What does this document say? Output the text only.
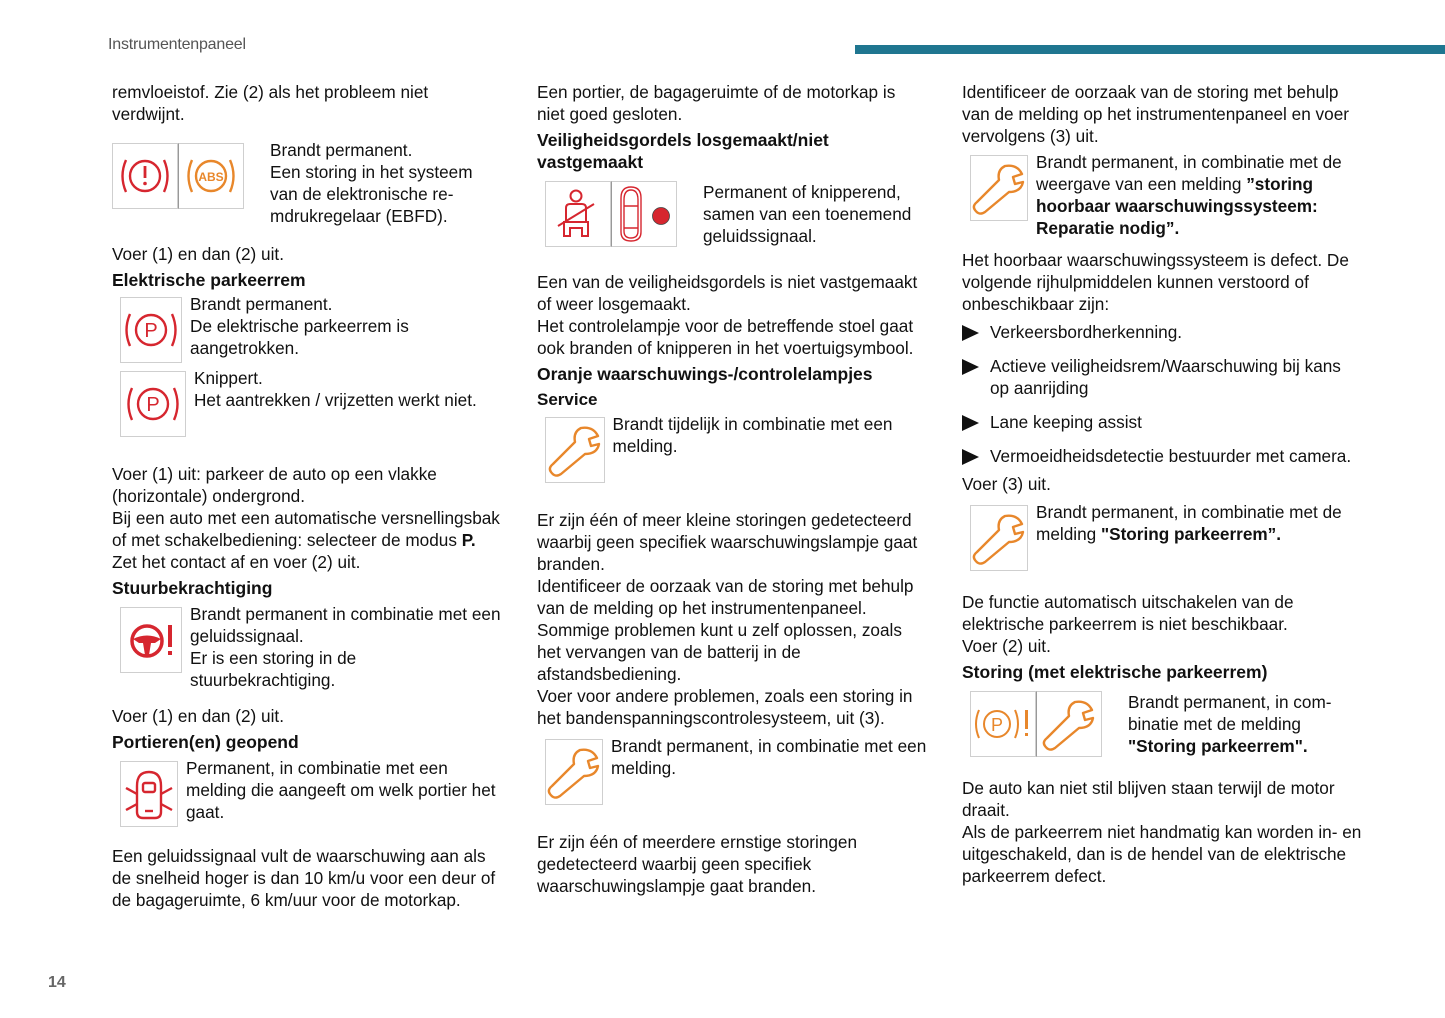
Instrumentenpaneel

remvloeistof. Zie (2) als het probleem niet verdwijnt.

ABS
Brandt permanent.
Een storing in het systeem van de elektronische re-mdrukregelaar (EBFD).

Voer (1) en dan (2) uit.

Elektrische parkeerrem
P
Brandt permanent.
De elektrische parkeerrem is aangetrokken.
P
Knippert.
Het aantrekken / vrijzetten werkt niet.

Voer (1) uit: parkeer de auto op een vlakke (horizontale) ondergrond.

Bij een auto met een automatische versnellingsbak of met schakelbediening: selecteer de modus P.

Zet het contact af en voer (2) uit.

Stuurbekrachtiging
Brandt permanent in combinatie met een geluidssignaal.
Er is een storing in de stuurbekrachtiging.

Voer (1) en dan (2) uit.

Portieren(en) geopend
Permanent, in combinatie met een melding die aangeeft om welk portier het gaat.

Een geluidssignaal vult de waarschuwing aan als de snelheid hoger is dan 10 km/u voor een deur of de bagageruimte, 6 km/uur voor de motorkap.

Een portier, de bagageruimte of de motorkap is niet goed gesloten.

Veiligheidsgordels losgemaakt/niet vastgemaakt
Permanent of knipperend, samen van een toenemend geluidssignaal.

Een van de veiligheidsgordels is niet vastgemaakt of weer losgemaakt.

Het controlelampje voor de betreffende stoel gaat ook branden of knipperen in het voertuigsymbool.

Oranje waarschuwings-/controlelampjes
Service
Brandt tijdelijk in combinatie met een melding.

Er zijn één of meer kleine storingen gedetecteerd waarbij geen specifiek waarschuwingslampje gaat branden.

Identificeer de oorzaak van de storing met behulp van de melding op het instrumentenpaneel.

Sommige problemen kunt u zelf oplossen, zoals het vervangen van de batterij in de afstandsbediening.

Voer voor andere problemen, zoals een storing in het bandenspanningscontrolesysteem, uit (3).

Brandt permanent, in combinatie met een melding.

Er zijn één of meerdere ernstige storingen gedetecteerd waarbij geen specifiek waarschuwingslampje gaat branden.

Identificeer de oorzaak van de storing met behulp van de melding op het instrumentenpaneel en voer vervolgens (3) uit.

Brandt permanent, in combinatie met de weergave van een melding ”storing hoorbaar waarschuwingssysteem: Reparatie nodig”.

Het hoorbaar waarschuwingssysteem is defect. De volgende rijhulpmiddelen kunnen verstoord of onbeschikbaar zijn:

Verkeersbordherkenning.
Actieve veiligheidsrem/Waarschuwing bij kans op aanrijding
Lane keeping assist
Vermoeidheidsdetectie bestuurder met camera.

Voer (3) uit.

Brandt permanent, in combinatie met de melding "Storing parkeerrem”.

De functie automatisch uitschakelen van de elektrische parkeerrem is niet beschikbaar.

Voer (2) uit.

Storing (met elektrische parkeerrem)
P
Brandt permanent, in com-binatie met de melding "Storing parkeerrem".

De auto kan niet stil blijven staan terwijl de motor draait.

Als de parkeerrem niet handmatig kan worden in- en uitgeschakeld, dan is de hendel van de elektrische parkeerrem defect.

14
